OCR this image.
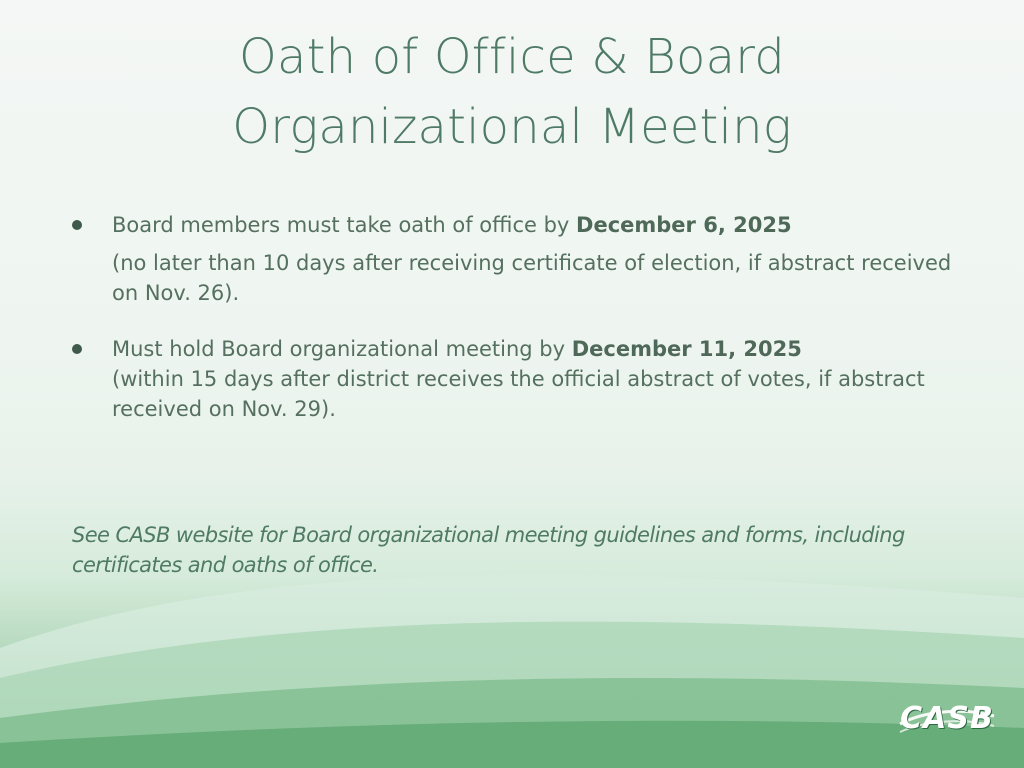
Oath of Office & Board
Organizational Meeting
Board members must take oath of office by December 6, 2025
(no later than 10 days after receiving certificate of election, if abstract received on Nov. 26).
Must hold Board organizational meeting by December 11, 2025
(within 15 days after district receives the official abstract of votes, if abstract received on Nov. 29).
See CASB website for Board organizational meeting guidelines and forms, including certificates and oaths of office.
CASB
